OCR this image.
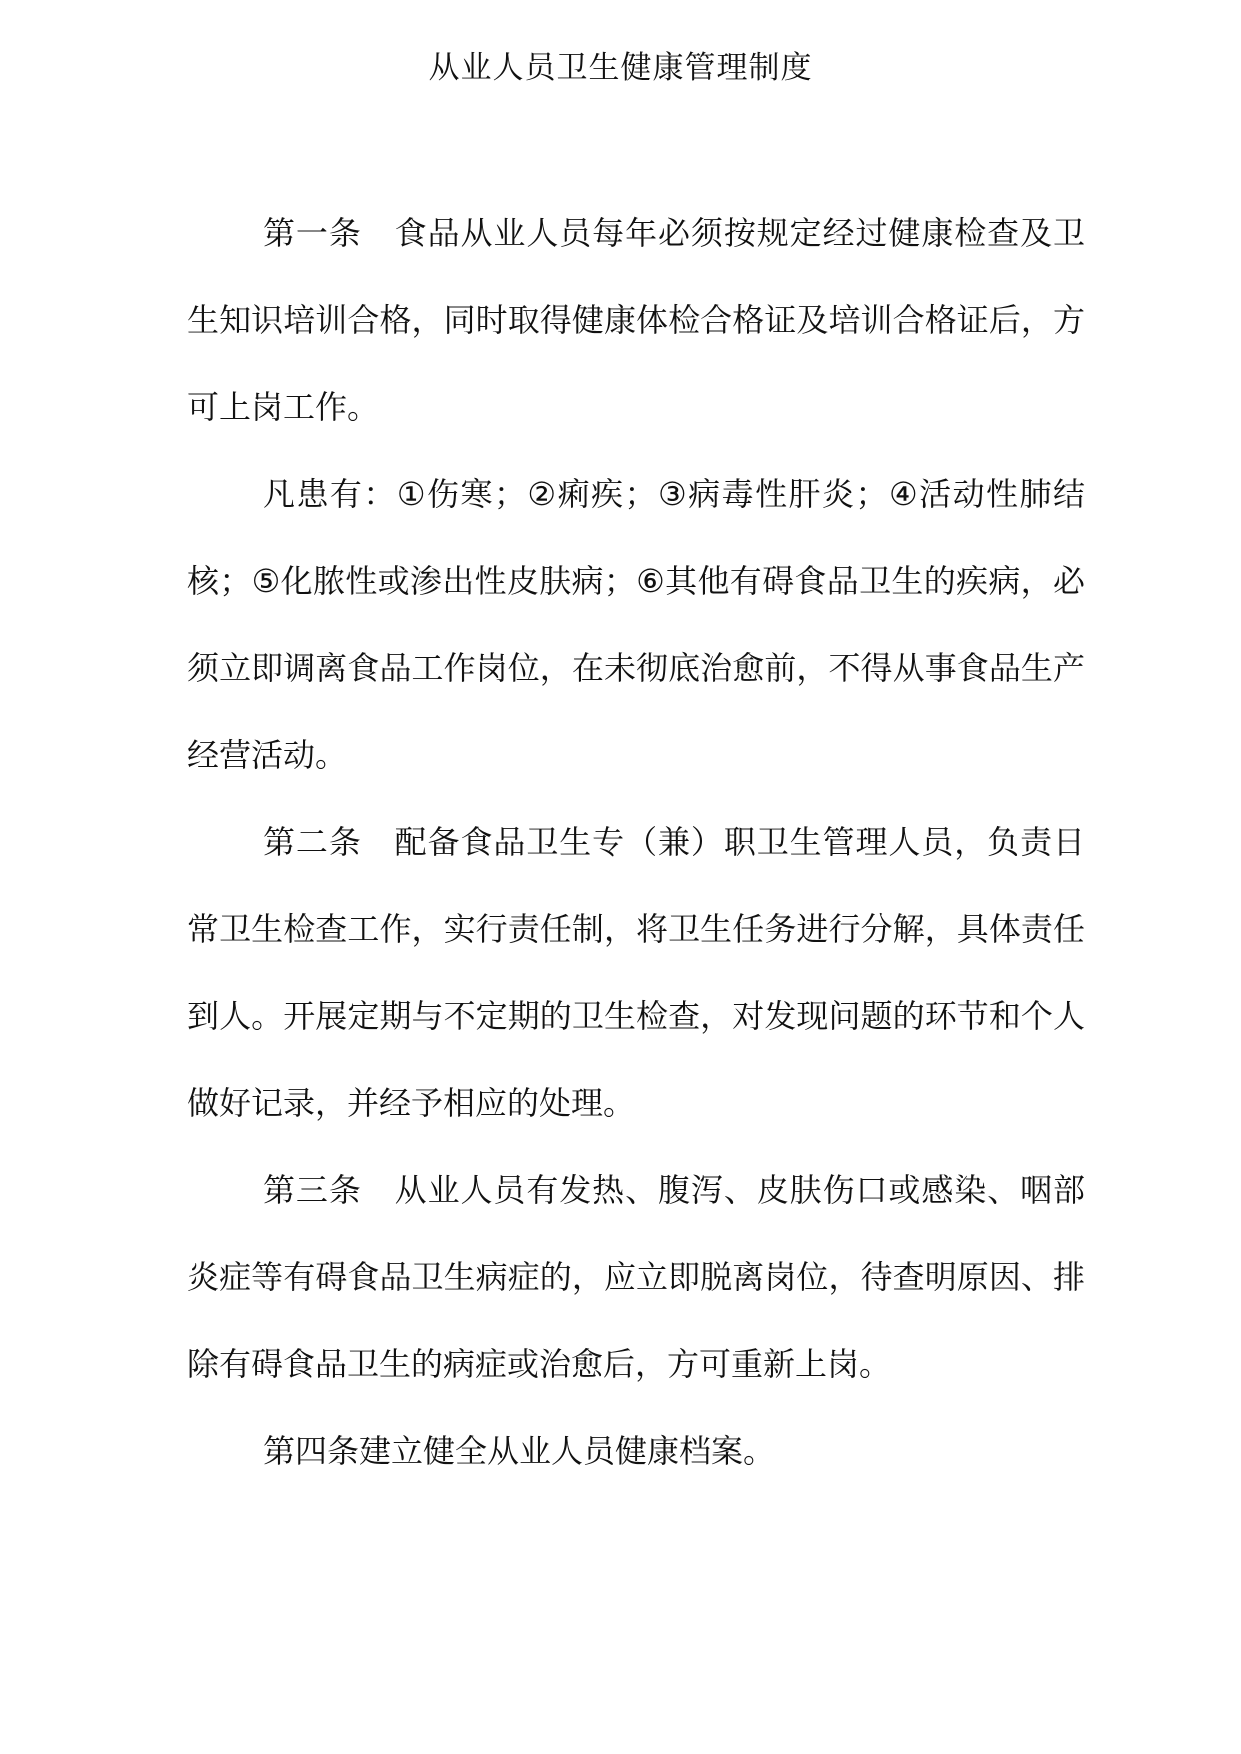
从业人员卫生健康管理制度

第一条　食品从业人员每年必须按规定经过健康检查及卫生知识培训合格，同时取得健康体检合格证及培训合格证后，方可上岗工作。

凡患有：①伤寒；②痢疾；③病毒性肝炎；④活动性肺结核；⑤化脓性或渗出性皮肤病；⑥其他有碍食品卫生的疾病，必须立即调离食品工作岗位，在未彻底治愈前，不得从事食品生产经营活动。

第二条　配备食品卫生专（兼）职卫生管理人员，负责日常卫生检查工作，实行责任制，将卫生任务进行分解，具体责任到人。开展定期与不定期的卫生检查，对发现问题的环节和个人做好记录，并经予相应的处理。

第三条　从业人员有发热、腹泻、皮肤伤口或感染、咽部炎症等有碍食品卫生病症的，应立即脱离岗位，待查明原因、排除有碍食品卫生的病症或治愈后，方可重新上岗。

第四条建立健全从业人员健康档案。
